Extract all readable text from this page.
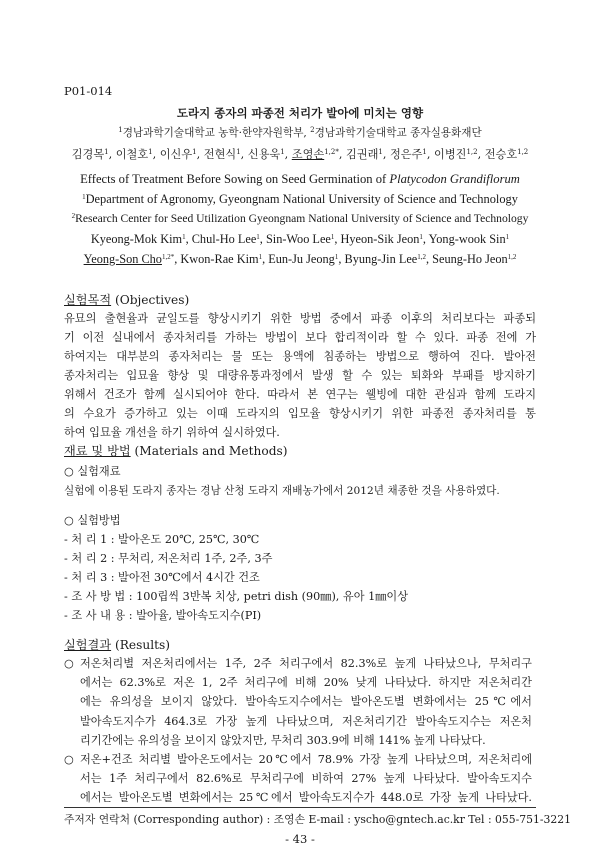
P01-014
도라지 종자의 파종전 처리가 발아에 미치는 영향
$^1$경남과학기술대학교 농학·한약자원학부, $^2$경남과학기술대학교 종자실용화재단
김경목$^1$, 이철호$^1$, 이신우$^1$, 전현식$^1$, 신용욱$^1$, 조영손$^{1,2*}$, 김권래$^1$, 정은주$^1$, 이병진$^{1,2}$, 전승호$^{1,2}$
Effects of Treatment Before Sowing on Seed Germination of Platycodon Grandiflorum
$^1$Department of Agronomy, Gyeongnam National University of Science and Technology
$^2$Research Center for Seed Utilization Gyeongnam National University of Science and Technology
Kyeong-Mok Kim$^1$, Chul-Ho Lee$^1$, Sin-Woo Lee$^1$, Hyeon-Sik Jeon$^1$, Yong-wook Sin$^1$
Yeong-Son Cho$^{1,2*}$, Kwon-Rae Kim$^1$, Eun-Ju Jeong$^1$, Byung-Jin Lee$^{1,2}$, Seung-Ho Jeon$^{1,2}$
실험목적 (Objectives)
유묘의 출현율과 균일도를 향상시키기 위한 방법 중에서 파종 이후의 처리보다는 파종되
기 이전 실내에서 종자처리를 가하는 방법이 보다 합리적이라 할 수 있다. 파종 전에 가
하여지는 대부분의 종자처리는 물 또는 용액에 침종하는 방법으로 행하여 진다. 발아전
종자처리는 입묘율 향상 및 대량유통과정에서 발생 할 수 있는 퇴화와 부패를 방지하기
위해서 건조가 함께 실시되어야 한다. 따라서 본 연구는 웰빙에 대한 관심과 함께 도라지
의 수요가 증가하고 있는 이때 도라지의 입모율 향상시키기 위한 파종전 종자처리를 통
하여 입묘율 개선을 하기 위하여 실시하였다.
재료 및 방법 (Materials and Methods)
○ 실험재료
실험에 이용된 도라지 종자는 경남 산청 도라지 재배농가에서 2012년 채종한 것을 사용하였다.
○ 실험방법
- 처 리 1 : 발아온도 20℃, 25℃, 30℃
- 처 리 2 : 무처리, 저온처리 1주, 2주, 3주
- 처 리 3 : 발아전 30℃에서 4시간 건조
- 조 사 방 법 : 100립씩 3반복 치상, petri dish (90㎜), 유아 1㎜이상
- 조 사 내 용 : 발아율, 발아속도지수(PI)
실험결과 (Results)
○ 저온처리별 저온처리에서는 1주, 2주 처리구에서 82.3%로 높게 나타났으나, 무처리구
에서는 62.3%로 저온 1, 2주 처리구에 비해 20% 낮게 나타났다. 하지만 저온처리간
에는 유의성을 보이지 않았다. 발아속도지수에서는 발아온도별 변화에서는 25℃에서
발아속도지수가 464.3로 가장 높게 나타났으며, 저온처리기간 발아속도지수는 저온처
리기간에는 유의성을 보이지 않았지만, 무처리 303.9에 비해 141% 높게 나타났다.
○ 저온+건조 처리별 발아온도에서는 20℃에서 78.9% 가장 높게 나타났으며, 저온처리에
서는 1주 처리구에서 82.6%로 무처리구에 비하여 27% 높게 나타났다. 발아속도지수
에서는 발아온도별 변화에서는 25℃에서 발아속도지수가 448.0로 가장 높게 나타났다.
주저자 연락처 (Corresponding author) : 조영손 E-mail : yscho@gntech.ac.kr Tel : 055-751-3221
- 43 -
